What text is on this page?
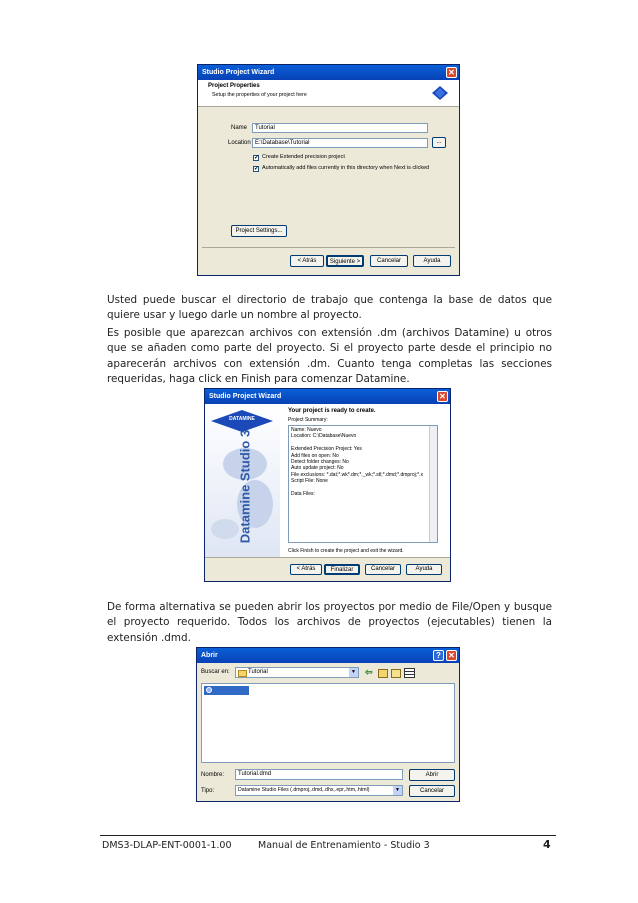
Studio Project Wizard	✕
Project Properties
Setup the properties of your project here
Name	Tutorial
Location E:\Database\Tutorial	...
✓ Create Extended precision project
✓ Automatically add files currently in this directory when Next is clicked
Project Settings...
< Atrás	Siguiente >	Cancelar	Ayuda
Usted puede buscar el directorio de trabajo que contenga la base de datos que
quiere usar y luego darle un nombre al proyecto.
Es posible que aparezcan archivos con extensión .dm (archivos Datamine) u otros
que se añaden como parte del proyecto. Si el proyecto parte desde el principio no
aparecerán archivos con extensión .dm. Cuanto tenga completas las secciones
requeridas, haga click en Finish para comenzar Datamine.
Studio Project Wizard	✕
DATAMINE
Datamine Studio 3
Your project is ready to create.
Project Summary:
Name: Nuevo
Location: C:\Database\Nuevo
Extended Precision Project: Yes
Add files on open: No
Detect folder changes: No
Auto update project: No
File exclusions: *.dat;*.wk*.dm;*._wk;*.stl;*.dmd;*.dmproj;*.x
Script File: None
Data Files:
Click Finish to create the project and exit the wizard.
< Atrás	Finalizar	Cancelar	Ayuda
De forma alternativa se pueden abrir los proyectos por medio de File/Open y busque
el proyecto requerido. Todos los archivos de proyectos (ejecutables) tienen la
extensión .dmd.
Abrir	? ✕
Buscar en:	Tutorial	▼ ⇦
Tutorial.dmd
Nombre:	Tutorial.dmd	Abrir
Tipo:	Datamine Studio Files (.dmproj,.dmd,.dhx,.epr,.htm,.html)	▼	Cancelar
DMS3-DLAP-ENT-0001-1.00	Manual de Entrenamiento - Studio 3	4
